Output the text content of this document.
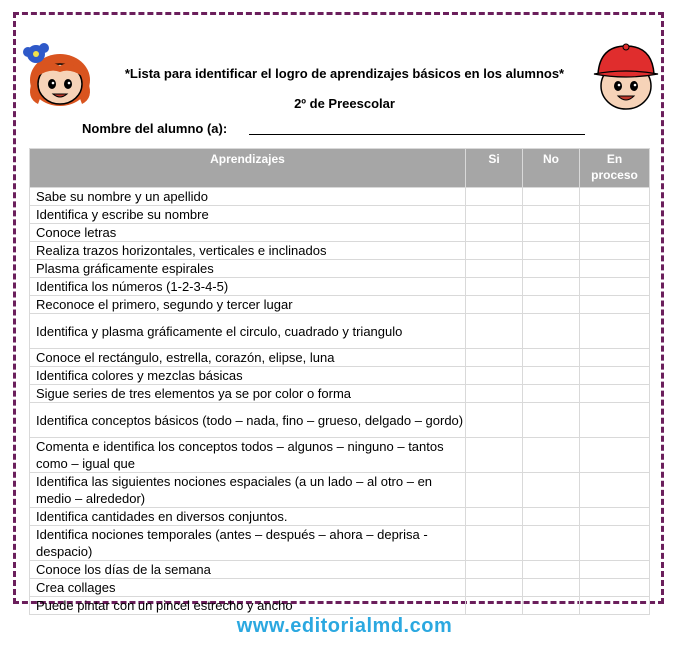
*Lista para identificar el logro de aprendizajes básicos en los alumnos*
2º de Preescolar
Nombre del alumno (a):
Aprendizajes	Si	No	En proceso
Sabe su nombre y un apellido			
Identifica y escribe su nombre			
Conoce letras			
Realiza trazos horizontales, verticales e inclinados			
Plasma gráficamente espirales			
Identifica los números (1-2-3-4-5)			
Reconoce el primero, segundo y tercer lugar			
Identifica y plasma gráficamente el circulo, cuadrado y triangulo			
Conoce el rectángulo, estrella, corazón, elipse, luna			
Identifica colores y mezclas básicas			
Sigue series de tres elementos ya se por color o forma			
Identifica conceptos básicos (todo – nada, fino – grueso, delgado – gordo)			
Comenta e identifica los conceptos todos – algunos – ninguno – tantos como – igual que			
Identifica las siguientes nociones espaciales (a un lado – al otro – en medio – alrededor)			
Identifica cantidades en diversos conjuntos.			
Identifica nociones temporales (antes – después – ahora – deprisa - despacio)			
Conoce los días de la semana			
Crea collages			
Puede pintar con un pincel estrecho y ancho			
www.editorialmd.com
